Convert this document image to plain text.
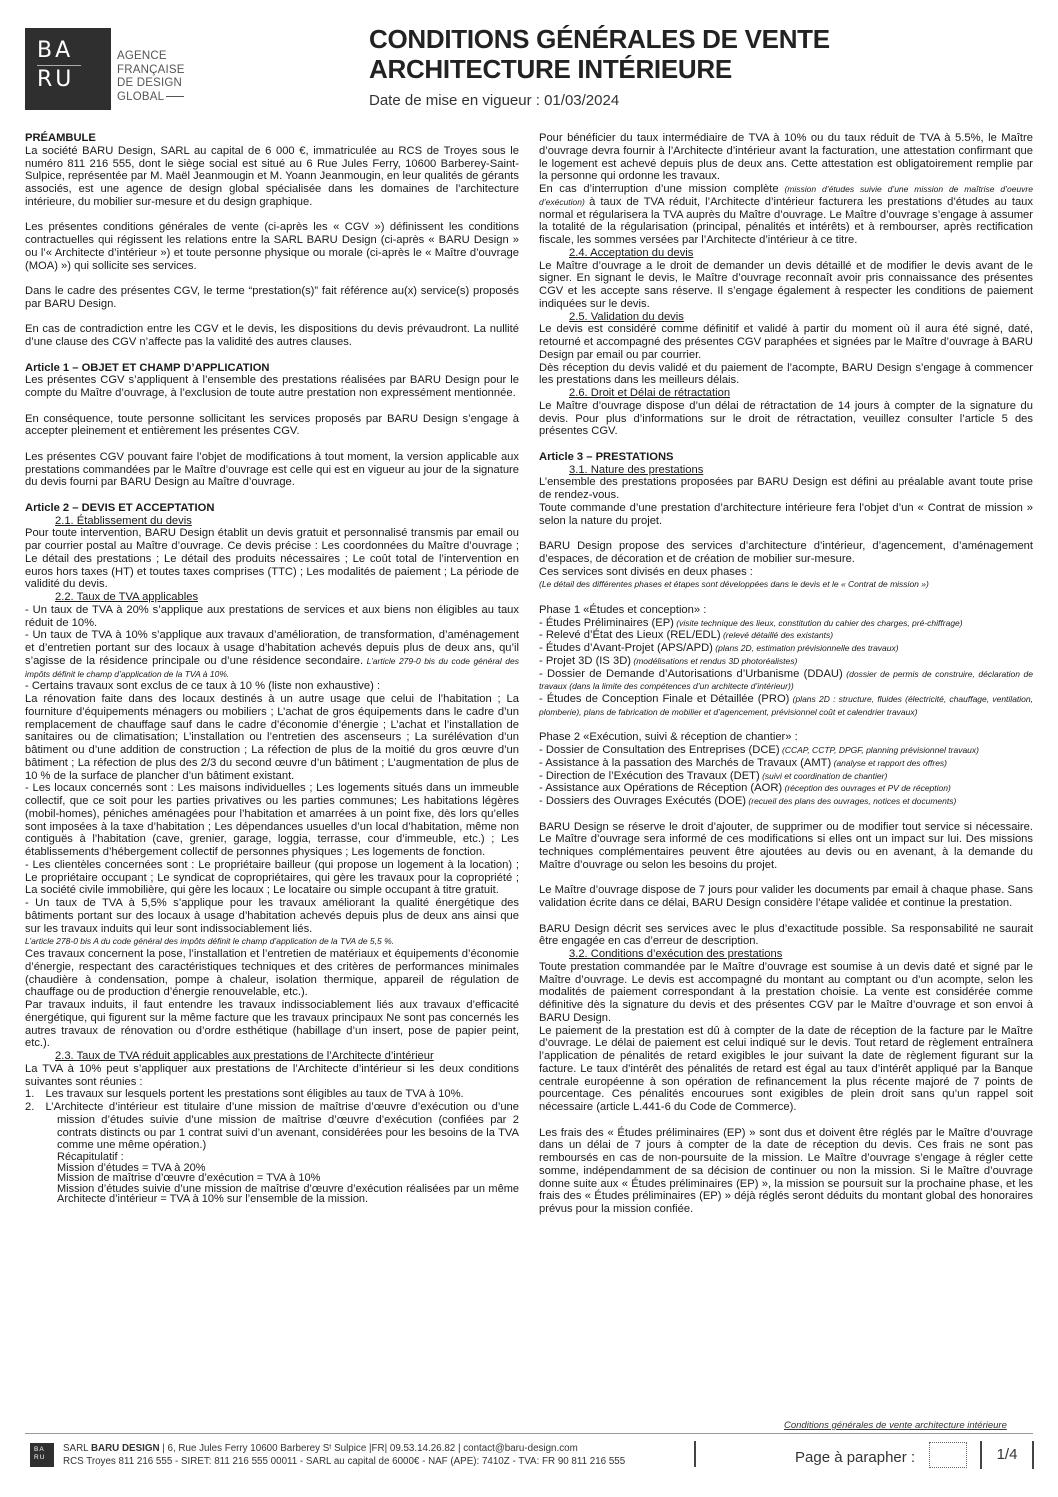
BA
RU
AGENCE
FRANÇAISE
DE DESIGN
GLOBAL
CONDITIONS GÉNÉRALES DE VENTE
ARCHITECTURE INTÉRIEURE
Date de mise en vigueur : 01/03/2024

PRÉAMBULE

La société BARU Design, SARL au capital de 6 000 €, immatriculée au RCS de Troyes sous le numéro 811 216 555, dont le siège social est situé au 6 Rue Jules Ferry, 10600 Barberey-Saint-Sulpice, représentée par M. Maël Jeanmougin et M. Yoann Jeanmougin, en leur qualités de gérants associés, est une agence de design global spécialisée dans les domaines de l’architecture intérieure, du mobilier sur-mesure et du design graphique.

Les présentes conditions générales de vente (ci-après les « CGV ») définissent les conditions contractuelles qui régissent les relations entre la SARL BARU Design (ci-après « BARU Design » ou l’« Architecte d’intérieur ») et toute personne physique ou morale (ci-après le « Maître d’ouvrage (MOA) ») qui sollicite ses services.

Dans le cadre des présentes CGV, le terme “prestation(s)” fait référence au(x) service(s) proposés par BARU Design.

En cas de contradiction entre les CGV et le devis, les dispositions du devis prévaudront. La nullité d’une clause des CGV n’affecte pas la validité des autres clauses.

Article 1 – OBJET ET CHAMP D’APPLICATION

Les présentes CGV s’appliquent à l’ensemble des prestations réalisées par BARU Design pour le compte du Maître d’ouvrage, à l’exclusion de toute autre prestation non expressément mentionnée.

En conséquence, toute personne sollicitant les services proposés par BARU Design s’engage à accepter pleinement et entièrement les présentes CGV.

Les présentes CGV pouvant faire l’objet de modifications à tout moment, la version applicable aux prestations commandées par le Maître d’ouvrage est celle qui est en vigueur au jour de la signature du devis fourni par BARU Design au Maître d’ouvrage.

Article 2 – DEVIS ET ACCEPTATION

2.1. Établissement du devis

Pour toute intervention, BARU Design établit un devis gratuit et personnalisé transmis par email ou par courrier postal au Maître d’ouvrage. Ce devis précise : Les coordonnées du Maître d’ouvrage ; Le détail des prestations ; Le détail des produits nécessaires ; Le coût total de l’intervention en euros hors taxes (HT) et toutes taxes comprises (TTC) ; Les modalités de paiement ; La période de validité du devis.

2.2. Taux de TVA applicables

- Un taux de TVA à 20% s’applique aux prestations de services et aux biens non éligibles au taux réduit de 10%.

- Un taux de TVA à 10% s’applique aux travaux d’amélioration, de transformation, d’aménagement et d’entretien portant sur des locaux à usage d’habitation achevés depuis plus de deux ans, qu’il s’agisse de la résidence principale ou d’une résidence secondaire. L’article 279-0 bis du code général des impôts définit le champ d’application de la TVA à 10%.

- Certains travaux sont exclus de ce taux à 10 % (liste non exhaustive) :

La rénovation faite dans des locaux destinés à un autre usage que celui de l’habitation ; La fourniture d’équipements ménagers ou mobiliers ; L’achat de gros équipements dans le cadre d’un remplacement de chauffage sauf dans le cadre d’économie d’énergie ; L’achat et l’installation de sanitaires ou de climatisation; L’installation ou l’entretien des ascenseurs ; La surélévation d’un bâtiment ou d’une addition de construction ; La réfection de plus de la moitié du gros œuvre d’un bâtiment ; La réfection de plus des 2/3 du second œuvre d’un bâtiment ; L’augmentation de plus de 10 % de la surface de plancher d’un bâtiment existant.

- Les locaux concernés sont : Les maisons individuelles ; Les logements situés dans un immeuble collectif, que ce soit pour les parties privatives ou les parties communes; Les habitations légères (mobil-homes), péniches aménagées pour l’habitation et amarrées à un point fixe, dès lors qu’elles sont imposées à la taxe d’habitation ; Les dépendances usuelles d’un local d’habitation, même non contiguës à l’habitation (cave, grenier, garage, loggia, terrasse, cour d’immeuble, etc.) ; Les établissements d’hébergement collectif de personnes physiques ; Les logements de fonction.

- Les clientèles concernées sont : Le propriétaire bailleur (qui propose un logement à la location) ; Le propriétaire occupant ; Le syndicat de copropriétaires, qui gère les travaux pour la copropriété ; La société civile immobilière, qui gère les locaux ; Le locataire ou simple occupant à titre gratuit.

- Un taux de TVA à 5,5% s’applique pour les travaux améliorant la qualité énergétique des bâtiments portant sur des locaux à usage d’habitation achevés depuis plus de deux ans ainsi que sur les travaux induits qui leur sont indissociablement liés.

L’article 278-0 bis A du code général des impôts définit le champ d’application de la TVA de 5,5 %.

Ces travaux concernent la pose, l’installation et l’entretien de matériaux et équipements d’économie d’énergie, respectant des caractéristiques techniques et des critères de performances minimales (chaudière à condensation, pompe à chaleur, isolation thermique, appareil de régulation de chauffage ou de production d’énergie renouvelable, etc.).

Par travaux induits, il faut entendre les travaux indissociablement liés aux travaux d’efficacité énergétique, qui figurent sur la même facture que les travaux principaux Ne sont pas concernés les autres travaux de rénovation ou d’ordre esthétique (habillage d’un insert, pose de papier peint, etc.).

2.3. Taux de TVA réduit applicables aux prestations de l’Architecte d’intérieur

La TVA à 10% peut s’appliquer aux prestations de l’Architecte d’intérieur si les deux conditions suivantes sont réunies :

1. Les travaux sur lesquels portent les prestations sont éligibles au taux de TVA à 10%.

2. L’Architecte d’intérieur est titulaire d’une mission de maîtrise d’œuvre d’exécution ou d’une mission d’études suivie d’une mission de maîtrise d’œuvre d’exécution (confiées par 2 contrats distincts ou par 1 contrat suivi d’un avenant, considérées pour les besoins de la TVA comme une même opération.)

Récapitulatif :

Mission d’études = TVA à 20%

Mission de maîtrise d’œuvre d’exécution = TVA à 10%

Mission d’études suivie d’une mission de maîtrise d’œuvre d’exécution réalisées par un même Architecte d’intérieur = TVA à 10% sur l’ensemble de la mission.

Pour bénéficier du taux intermédiaire de TVA à 10% ou du taux réduit de TVA à 5.5%, le Maître d’ouvrage devra fournir à l’Architecte d’intérieur avant la facturation, une attestation confirmant que le logement est achevé depuis plus de deux ans. Cette attestation est obligatoirement remplie par la personne qui ordonne les travaux.

En cas d’interruption d’une mission complète (mission d’études suivie d’une mission de maîtrise d’oeuvre d’exécution) à taux de TVA réduit, l’Architecte d’intérieur facturera les prestations d’études au taux normal et régularisera la TVA auprès du Maître d’ouvrage. Le Maître d’ouvrage s’engage à assumer la totalité de la régularisation (principal, pénalités et intérêts) et à rembourser, après rectification fiscale, les sommes versées par l’Architecte d’intérieur à ce titre.

2.4. Acceptation du devis

Le Maître d’ouvrage a le droit de demander un devis détaillé et de modifier le devis avant de le signer. En signant le devis, le Maître d’ouvrage reconnaît avoir pris connaissance des présentes CGV et les accepte sans réserve. Il s’engage également à respecter les conditions de paiement indiquées sur le devis.

2.5. Validation du devis

Le devis est considéré comme définitif et validé à partir du moment où il aura été signé, daté, retourné et accompagné des présentes CGV paraphées et signées par le Maître d’ouvrage à BARU Design par email ou par courrier.

Dès réception du devis validé et du paiement de l’acompte, BARU Design s’engage à commencer les prestations dans les meilleurs délais.

2.6. Droit et Délai de rétractation

Le Maître d’ouvrage dispose d’un délai de rétractation de 14 jours à compter de la signature du devis. Pour plus d’informations sur le droit de rétractation, veuillez consulter l’article 5 des présentes CGV.

Article 3 – PRESTATIONS

3.1. Nature des prestations

L’ensemble des prestations proposées par BARU Design est défini au préalable avant toute prise de rendez-vous.

Toute commande d’une prestation d’architecture intérieure fera l’objet d’un « Contrat de mission » selon la nature du projet.

BARU Design propose des services d’architecture d’intérieur, d’agencement, d’aménagement d’espaces, de décoration et de création de mobilier sur-mesure.

Ces services sont divisés en deux phases :

(Le détail des différentes phases et étapes sont développées dans le devis et le « Contrat de mission »)

Phase 1 «Études et conception» :

- Études Préliminaires (EP) (visite technique des lieux, constitution du cahier des charges, pré-chiffrage)

- Relevé d’État des Lieux (REL/EDL) (relevé détaillé des existants)

- Études d’Avant-Projet (APS/APD) (plans 2D, estimation prévisionnelle des travaux)

- Projet 3D (IS 3D) (modélisations et rendus 3D photoréalistes)

- Dossier de Demande d’Autorisations d’Urbanisme (DDAU) (dossier de permis de construire, déclaration de travaux (dans la limite des compétences d’un architecte d’intérieur))

- Études de Conception Finale et Détaillée (PRO) (plans 2D : structure, fluides (électricité, chauffage, ventilation, plomberie), plans de fabrication de mobilier et d’agencement, prévisionnel coût et calendrier travaux)

Phase 2 «Exécution, suivi & réception de chantier» :

- Dossier de Consultation des Entreprises (DCE) (CCAP, CCTP, DPGF, planning prévisionnel travaux)

- Assistance à la passation des Marchés de Travaux (AMT) (analyse et rapport des offres)

- Direction de l’Exécution des Travaux (DET) (suivi et coordination de chantier)

- Assistance aux Opérations de Réception (AOR) (réception des ouvrages et PV de réception)

- Dossiers des Ouvrages Exécutés (DOE) (recueil des plans des ouvrages, notices et documents)

BARU Design se réserve le droit d’ajouter, de supprimer ou de modifier tout service si nécessaire. Le Maître d’ouvrage sera informé de ces modifications si elles ont un impact sur lui. Des missions techniques complémentaires peuvent être ajoutées au devis ou en avenant, à la demande du Maître d’ouvrage ou selon les besoins du projet.

Le Maître d’ouvrage dispose de 7 jours pour valider les documents par email à chaque phase. Sans validation écrite dans ce délai, BARU Design considère l’étape validée et continue la prestation.

BARU Design décrit ses services avec le plus d’exactitude possible. Sa responsabilité ne saurait être engagée en cas d’erreur de description.

3.2. Conditions d’exécution des prestations

Toute prestation commandée par le Maître d’ouvrage est soumise à un devis daté et signé par le Maître d’ouvrage. Le devis est accompagné du montant au comptant ou d’un acompte, selon les modalités de paiement correspondant à la prestation choisie. La vente est considérée comme définitive dès la signature du devis et des présentes CGV par le Maître d’ouvrage et son envoi à BARU Design.

Le paiement de la prestation est dû à compter de la date de réception de la facture par le Maître d’ouvrage. Le délai de paiement est celui indiqué sur le devis. Tout retard de règlement entraînera l’application de pénalités de retard exigibles le jour suivant la date de règlement figurant sur la facture. Le taux d’intérêt des pénalités de retard est égal au taux d’intérêt appliqué par la Banque centrale européenne à son opération de refinancement la plus récente majoré de 7 points de pourcentage. Ces pénalités encourues sont exigibles de plein droit sans qu’un rappel soit nécessaire (article L.441-6 du Code de Commerce).

Les frais des « Études préliminaires (EP) » sont dus et doivent être réglés par le Maître d’ouvrage dans un délai de 7 jours à compter de la date de réception du devis. Ces frais ne sont pas remboursés en cas de non-poursuite de la mission. Le Maître d’ouvrage s’engage à régler cette somme, indépendamment de sa décision de continuer ou non la mission. Si le Maître d’ouvrage donne suite aux « Études préliminaires (EP) », la mission se poursuit sur la prochaine phase, et les frais des « Études préliminaires (EP) » déjà réglés seront déduits du montant global des honoraires prévus pour la mission confiée.

Conditions générales de vente architecture intérieure
BA
RU
SARL BARU DESIGN | 6, Rue Jules Ferry 10600 Barberey Sᵗ Sulpice |FR| 09.53.14.26.82 | contact@baru-design.com
RCS Troyes 811 216 555 - SIRET: 811 216 555 00011 - SARL au capital de 6000€ - NAF (APE): 7410Z - TVA: FR 90 811 216 555	Page à parapher :	1/4
